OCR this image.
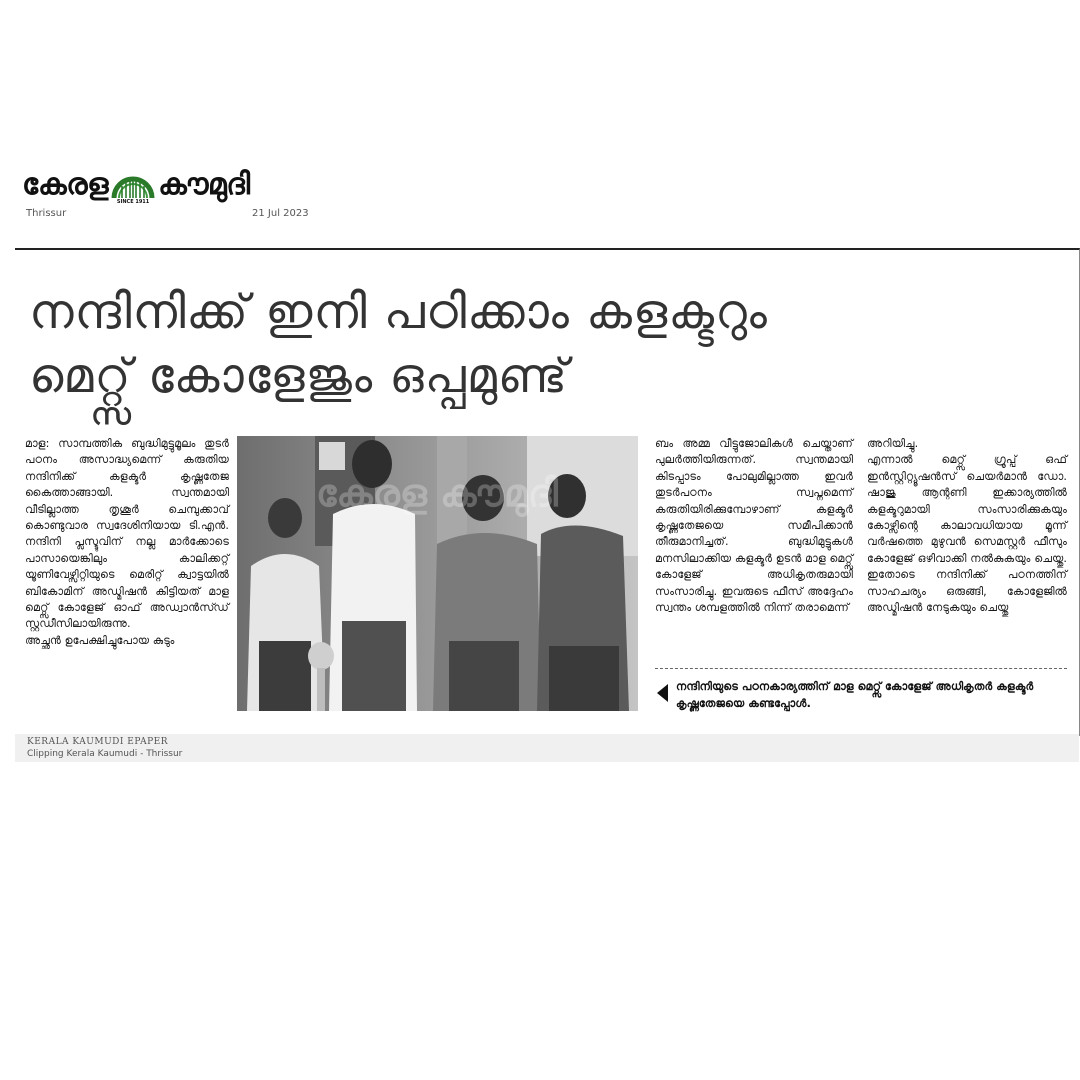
കേരള
SINCE 1911
കൗമുദി
Thrissur	21 Jul 2023
നന്ദിനിക്ക് ഇനി പഠിക്കാം കളക്ടറും
മെറ്റ്സ് കോളേജും ഒപ്പമുണ്ട്

മാള: സാമ്പത്തിക ബുദ്ധിമുട്ടുമൂലം തുടർ പഠനം അസാദ്ധ്യമെന്ന് കരുതിയ നന്ദിനിക്ക് കളക്ടർ കൃഷ്ണതേജ കൈത്താങ്ങായി. സ്വന്തമായി വീടില്ലാത്ത തൃശൂർ ചെമ്പുക്കാവ് കൊണ്ടുവാര സ്വദേശിനിയായ ടി.എൻ. നന്ദിനി പ്ലസ്ടുവിന് നല്ല മാർക്കോടെ പാസായെങ്കിലും കാലിക്കറ്റ് യൂണിവേഴ്സിറ്റിയുടെ മെരിറ്റ് ക്വാട്ടയിൽ ബികോമിന് അഡ്മിഷൻ കിട്ടിയത് മാള മെറ്റ്സ് കോളേജ് ഓഫ് അഡ്വാൻസ്ഡ് സ്റ്റഡീസിലായിരുന്നു.

അച്ഛൻ ഉപേക്ഷിച്ചുപോയ കുടും

കേരള കൗമുദി

ബം അമ്മ വീട്ടുജോലികൾ ചെയ്താണ് പുലർത്തിയിരുന്നത്. സ്വന്തമായി കിടപ്പാടം പോലുമില്ലാത്ത ഇവർ തുടർപഠനം സ്വപ്നമെന്ന് കരുതിയിരിക്കുമ്പോഴാണ് കളക്ടർ കൃഷ്ണതേജയെ സമീപിക്കാൻ തീരുമാനിച്ചത്. ബുദ്ധിമുട്ടുകൾ മനസിലാക്കിയ കളക്ടർ ഉടൻ മാള മെറ്റ്സ് കോളേജ് അധികൃതരുമായി സംസാരിച്ചു. ഇവരുടെ ഫീസ് അദ്ദേഹം സ്വന്തം ശമ്പളത്തിൽ നിന്ന് തരാമെന്ന്

അറിയിച്ചു.

എന്നാൽ മെറ്റ്സ് ഗ്രൂപ്പ് ഒഫ് ഇൻസ്റ്റിറ്റ്യൂഷൻസ് ചെയർമാൻ ഡോ. ഷാജു ആന്റണി ഇക്കാര്യത്തിൽ കളക്ടറുമായി സംസാരിക്കുകയും കോഴ്സിന്റെ കാലാവധിയായ മൂന്ന് വർഷത്തെ മുഴുവൻ സെമസ്റ്റർ ഫീസും കോളേജ് ഒഴിവാക്കി നൽകുകയും ചെയ്തു. ഇതോടെ നന്ദിനിക്ക് പഠനത്തിന് സാഹചര്യം ഒരുങ്ങി, കോളേജിൽ അഡ്മിഷൻ നേടുകയും ചെയ്തു

നന്ദിനിയുടെ പഠനകാര്യത്തിന് മാള മെറ്റ്സ് കോളേജ് അധികൃതർ കളക്ടർ കൃഷ്ണതേജയെ കണ്ടപ്പോൾ.
KERALA KAUMUDI EPAPER
Clipping Kerala Kaumudi - Thrissur
